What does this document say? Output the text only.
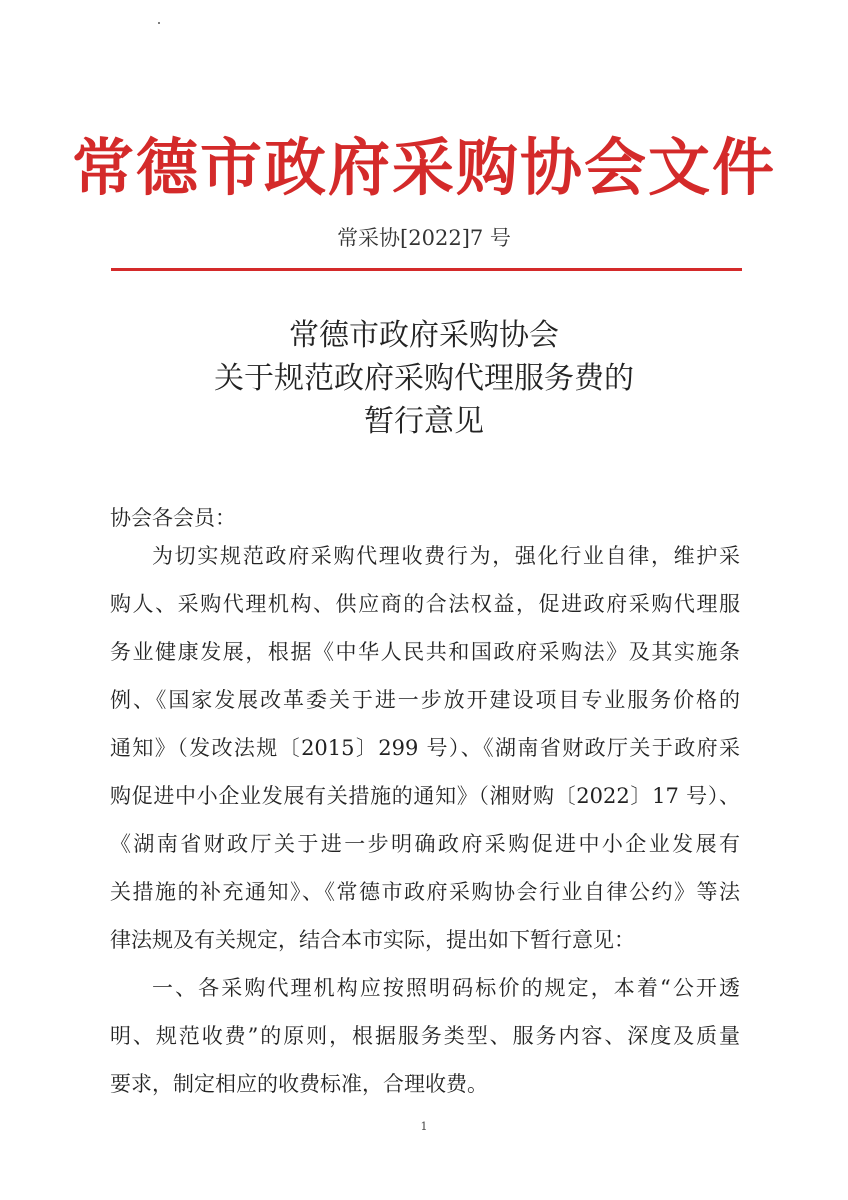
常德市政府采购协会文件
常采协[2022]7 号
常德市政府采购协会
关于规范政府采购代理服务费的
暂行意见
协会各会员：
为切实规范政府采购代理收费行为，强化行业自律，维护采
购人、采购代理机构、供应商的合法权益，促进政府采购代理服
务业健康发展，根据《中华人民共和国政府采购法》及其实施条
例、《国家发展改革委关于进一步放开建设项目专业服务价格的
通知》（发改法规〔2015〕299 号）、《湖南省财政厅关于政府采
购促进中小企业发展有关措施的通知》（湘财购〔2022〕17 号）、
《湖南省财政厅关于进一步明确政府采购促进中小企业发展有
关措施的补充通知》、《常德市政府采购协会行业自律公约》等法
律法规及有关规定，结合本市实际，提出如下暂行意见：
一、各采购代理机构应按照明码标价的规定，本着“公开透
明、规范收费”的原则，根据服务类型、服务内容、深度及质量
要求，制定相应的收费标准，合理收费。
1
